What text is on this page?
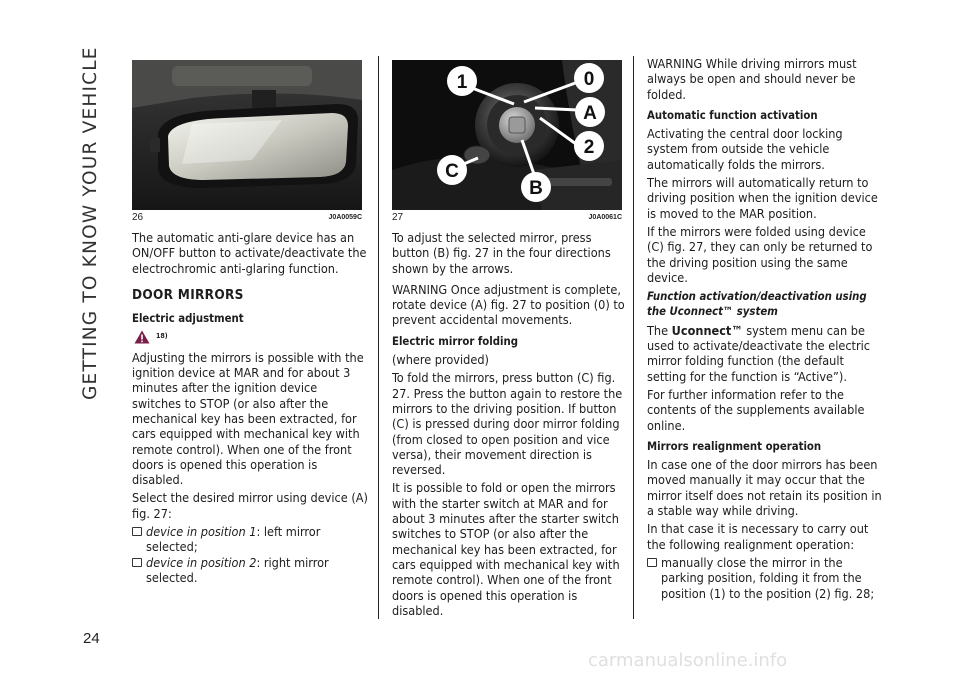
GETTING TO KNOW YOUR VEHICLE
24
26	J0A0059C

The automatic anti-glare device has an ON/OFF button to activate/deactivate the electrochromic anti-glaring function.

DOOR MIRRORS
Electric adjustment
18)

Adjusting the mirrors is possible with the ignition device at MAR and for about 3 minutes after the ignition device switches to STOP (or also after the mechanical key has been extracted, for cars equipped with mechanical key with remote control). When one of the front doors is opened this operation is disabled.

Select the desired mirror using device (A) fig. 27:

device in position 1: left mirror selected;
device in position 2: right mirror selected.
1	0
A
2
C
B
27	J0A0061C

To adjust the selected mirror, press button (B) fig. 27 in the four directions shown by the arrows.

WARNING Once adjustment is complete, rotate device (A) fig. 27 to position (0) to prevent accidental movements.

Electric mirror folding

(where provided)

To fold the mirrors, press button (C) fig. 27. Press the button again to restore the mirrors to the driving position. If button (C) is pressed during door mirror folding (from closed to open position and vice versa), their movement direction is reversed.

It is possible to fold or open the mirrors with the starter switch at MAR and for about 3 minutes after the starter switch switches to STOP (or also after the mechanical key has been extracted, for cars equipped with mechanical key with remote control). When one of the front doors is opened this operation is disabled.

WARNING While driving mirrors must always be open and should never be folded.

Automatic function activation

Activating the central door locking system from outside the vehicle automatically folds the mirrors.

The mirrors will automatically return to driving position when the ignition device is moved to the MAR position.

If the mirrors were folded using device (C) fig. 27, they can only be returned to the driving position using the same device.

Function activation/deactivation using the Uconnect™ system

The Uconnect™ system menu can be used to activate/deactivate the electric mirror folding function (the default setting for the function is “Active”).

For further information refer to the contents of the supplements available online.

Mirrors realignment operation

In case one of the door mirrors has been moved manually it may occur that the mirror itself does not retain its position in a stable way while driving.

In that case it is necessary to carry out the following realignment operation:

manually close the mirror in the parking position, folding it from the position (1) to the position (2) fig. 28;
carmanualsonline.info
